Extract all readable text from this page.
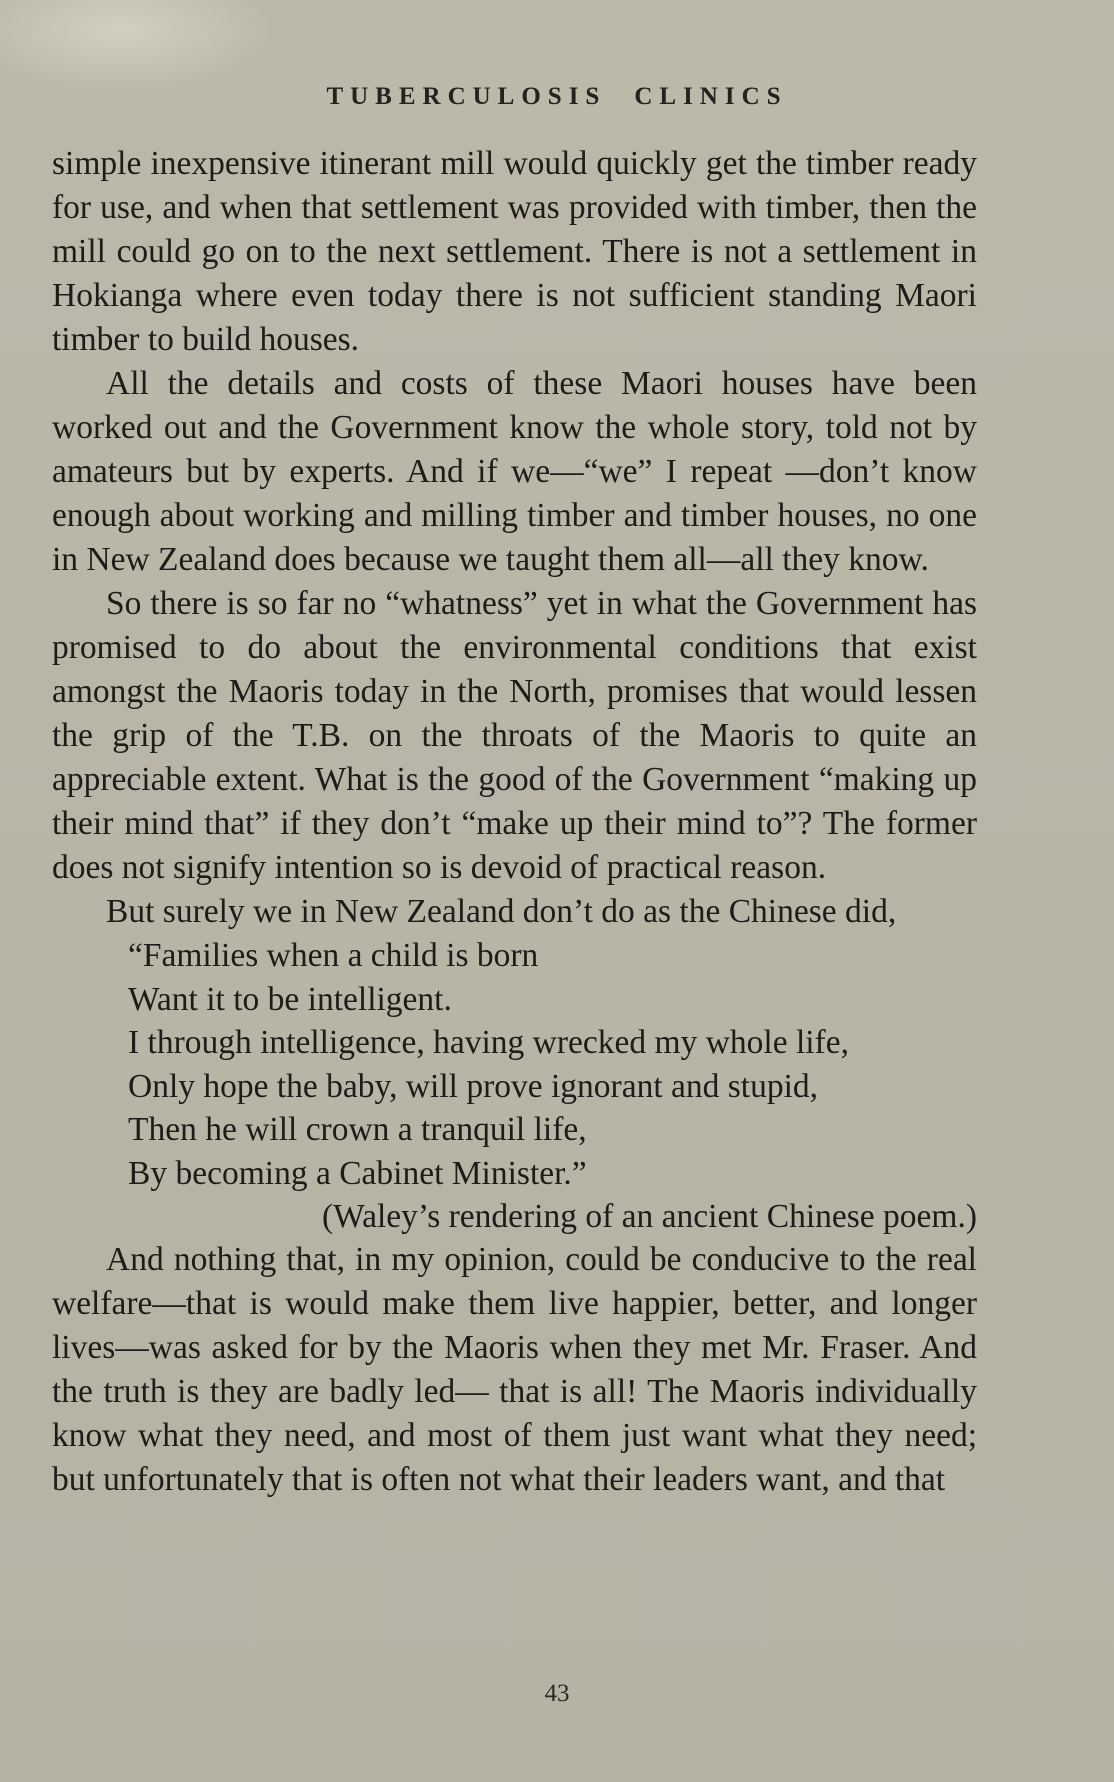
TUBERCULOSIS CLINICS

simple inexpensive itinerant mill would quickly get the timber ready for use, and when that settlement was provided with timber, then the mill could go on to the next settlement. There is not a settlement in Hokianga where even today there is not sufficient standing Maori timber to build houses.

All the details and costs of these Maori houses have been worked out and the Government know the whole story, told not by amateurs but by experts. And if we—“we” I repeat —don’t know enough about working and milling timber and timber houses, no one in New Zealand does because we taught them all—all they know.

So there is so far no “whatness” yet in what the Government has promised to do about the environmental conditions that exist amongst the Maoris today in the North, promises that would lessen the grip of the T.B. on the throats of the Maoris to quite an appreciable extent. What is the good of the Government “making up their mind that” if they don’t “make up their mind to”? The former does not signify intention so is devoid of practical reason.

But surely we in New Zealand don’t do as the Chinese did,

“Families when a child is born
Want it to be intelligent.
I through intelligence, having wrecked my whole life,
Only hope the baby, will prove ignorant and stupid,
Then he will crown a tranquil life,
By becoming a Cabinet Minister.”
(Waley’s rendering of an ancient Chinese poem.)

And nothing that, in my opinion, could be conducive to the real welfare—that is would make them live happier, better, and longer lives—was asked for by the Maoris when they met Mr. Fraser. And the truth is they are badly led— that is all! The Maoris individually know what they need, and most of them just want what they need; but unfortunately that is often not what their leaders want, and that

43
